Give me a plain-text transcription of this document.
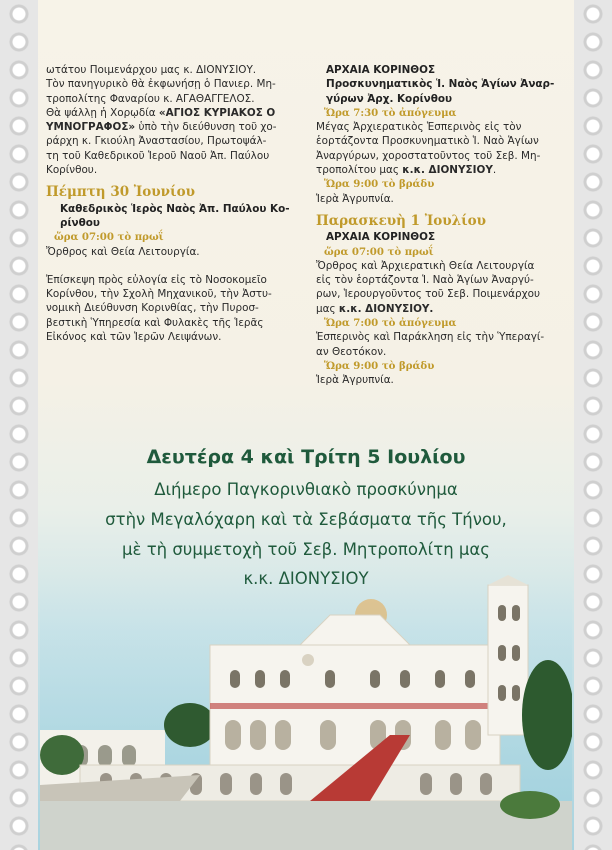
ωτάτου Ποιμενάρχου μας κ. ΔΙΟΝΥΣΙΟΥ.

Τὸν πανηγυρικὸ θὰ ἐκφωνήσῃ ὁ Πανιερ. Μη-

τροπολίτης Φαναρίου κ. ΑΓΑΘΑΓΓΕΛΟΣ.

Θὰ ψάλλῃ ἡ Χορῳδία «ΑΓΙΟΣ ΚΥΡΙΑΚΟΣ Ο

ΥΜΝΟΓΡΑΦΟΣ» ὑπὸ τὴν διεύθυνση τοῦ χο-

ράρχη κ. Γκιούλη Ἀναστασίου, Πρωτοψάλ-

τη τοῦ Καθεδρικοῦ Ἱεροῦ Ναοῦ Ἀπ. Παύλου

Κορίνθου.

Πέμπτη 30 Ἰουνίου
Καθεδρικὸς Ἱερὸς Ναὸς Ἀπ. Παύλου Κο-
ρίνθου
ὥρα 07:00 τὸ πρωΐ

Ὄρθρος καὶ Θεία Λειτουργία.

Ἐπίσκεψη πρὸς εὐλογία εἰς τὸ Νοσοκομεῖο

Κορίνθου, τὴν Σχολὴ Μηχανικοῦ, τὴν Ἀστυ-

νομικὴ Διεύθυνση Κορινθίας, τὴν Πυροσ-

βεστικὴ Ὑπηρεσία καὶ Φυλακὲς τῆς Ἱερᾶς

Εἰκόνος καὶ τῶν Ἱερῶν Λειψάνων.

ΑΡΧΑΙΑ ΚΟΡΙΝΘΟΣ
Προσκυνηματικὸς Ἱ. Ναὸς Ἁγίων Ἀναρ-
γύρων Ἀρχ. Κορίνθου
Ὥρα 7:30 τὸ ἀπόγευμα

Μέγας Ἀρχιερατικὸς Ἑσπερινὸς εἰς τὸν

ἑορτάζοντα Προσκυνηματικὸ Ἱ. Ναὸ Ἁγίων

Ἀναργύρων, χοροστατοῦντος τοῦ Σεβ. Μη-

τροπολίτου μας κ.κ. ΔΙΟΝΥΣΙΟΥ.

Ὥρα 9:00 τὸ βράδυ

Ἱερὰ Ἀγρυπνία.

Παρασκευὴ 1 Ἰουλίου
ΑΡΧΑΙΑ ΚΟΡΙΝΘΟΣ
ὥρα 07:00 τὸ πρωΐ

Ὄρθρος καὶ Ἀρχιερατικὴ Θεία Λειτουργία

εἰς τὸν ἑορτάζοντα Ἱ. Ναὸ Ἁγίων Ἀναργύ-

ρων, Ἱερουργοῦντος τοῦ Σεβ. Ποιμενάρχου

μας κ.κ. ΔΙΟΝΥΣΙΟΥ.

Ὥρα 7:00 τὸ ἀπόγευμα

Ἑσπερινὸς καὶ Παράκληση εἰς τὴν Ὑπεραγί-

αν Θεοτόκον.

Ὥρα 9:00 τὸ βράδυ

Ἱερὰ Ἀγρυπνία.

Δευτέρα 4 καὶ Τρίτη 5 Ιουλίου
Διήμερο Παγκορινθιακὸ προσκύνημα
στὴν Μεγαλόχαρη καὶ τὰ Σεβάσματα τῆς Τήνου,
μὲ τὴ συμμετοχὴ τοῦ Σεβ. Μητροπολίτη μας
